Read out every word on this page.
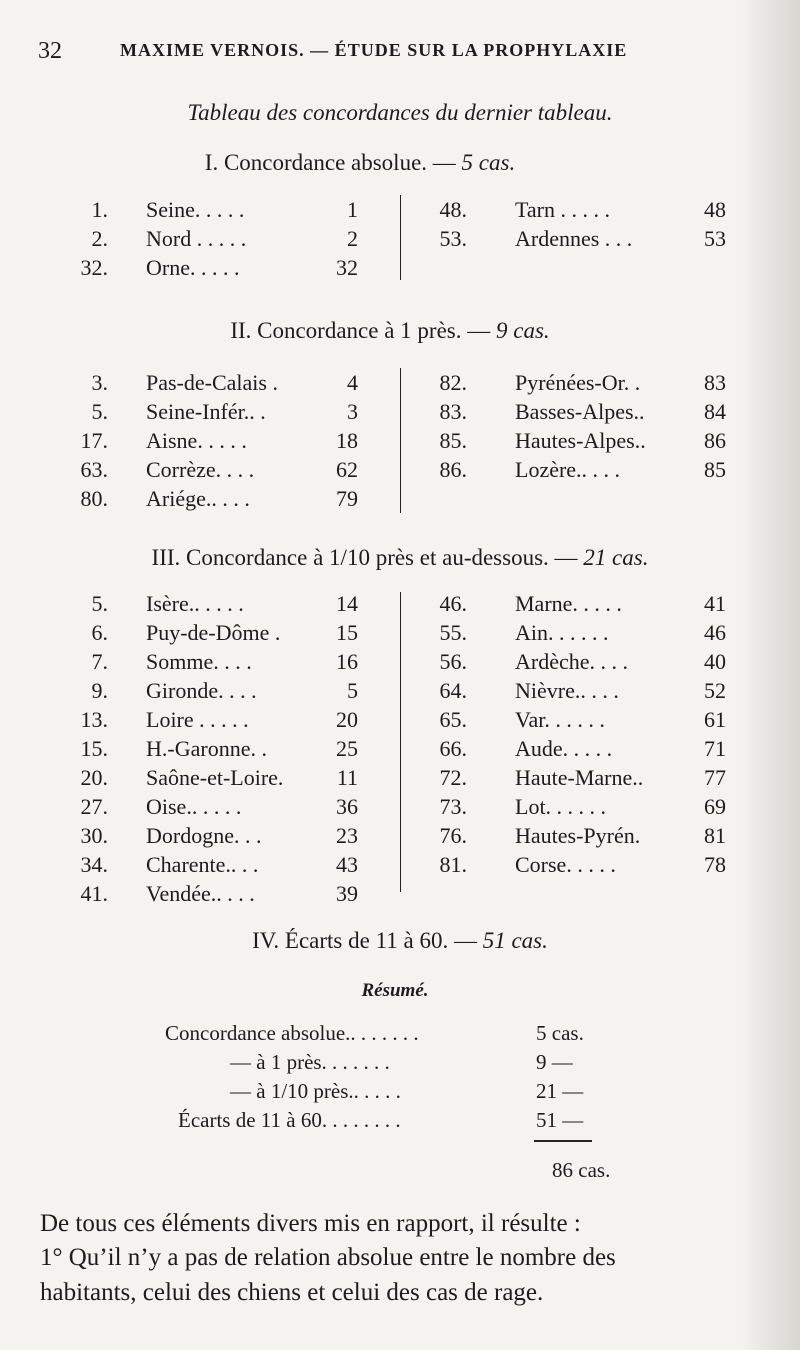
32	MAXIME VERNOIS. — ÉTUDE SUR LA PROPHYLAXIE
Tableau des concordances du dernier tableau.
I. Concordance absolue. — 5 cas.
1. Seine. . . . .	1
2. Nord . . . . .	2
32. Orne. . . . .	32
48. Tarn . . . . .	48
53. Ardennes . . .	53
II. Concordance à 1 près. — 9 cas.
3. Pas-de-Calais .	4
5. Seine-Infér.. .	3
17. Aisne. . . . .	18
63. Corrèze. . . .	62
80. Ariége.. . . .	79
82. Pyrénées-Or. .	83
83. Basses-Alpes..	84
85. Hautes-Alpes..	86
86. Lozère.. . . .	85
III. Concordance à 1/10 près et au-dessous. — 21 cas.
5. Isère.. . . . .	14
6. Puy-de-Dôme .	15
7. Somme. . . .	16
9. Gironde. . . .	5
13. Loire . . . . .	20
15. H.-Garonne. .	25
20. Saône-et-Loire.	11
27. Oise.. . . . .	36
30. Dordogne. . .	23
34. Charente.. . .	43
41. Vendée.. . . .	39
46. Marne. . . . .	41
55. Ain. . . . . .	46
56. Ardèche. . . .	40
64. Nièvre.. . . .	52
65. Var. . . . . .	61
66. Aude. . . . .	71
72. Haute-Marne..	77
73. Lot. . . . . .	69
76. Hautes-Pyrén.	81
81. Corse. . . . .	78
IV. Écarts de 11 à 60. — 51 cas.
Résumé.
Concordance absolue.. . . . . . .	5 cas.
— à 1 près. . . . . . .	9 —
— à 1/10 près.. . . . .	21 —
Écarts de 11 à 60. . . . . . . .	51 —
86 cas.
De tous ces éléments divers mis en rapport, il résulte :
1° Qu’il n’y a pas de relation absolue entre le nombre des
habitants, celui des chiens et celui des cas de rage.
